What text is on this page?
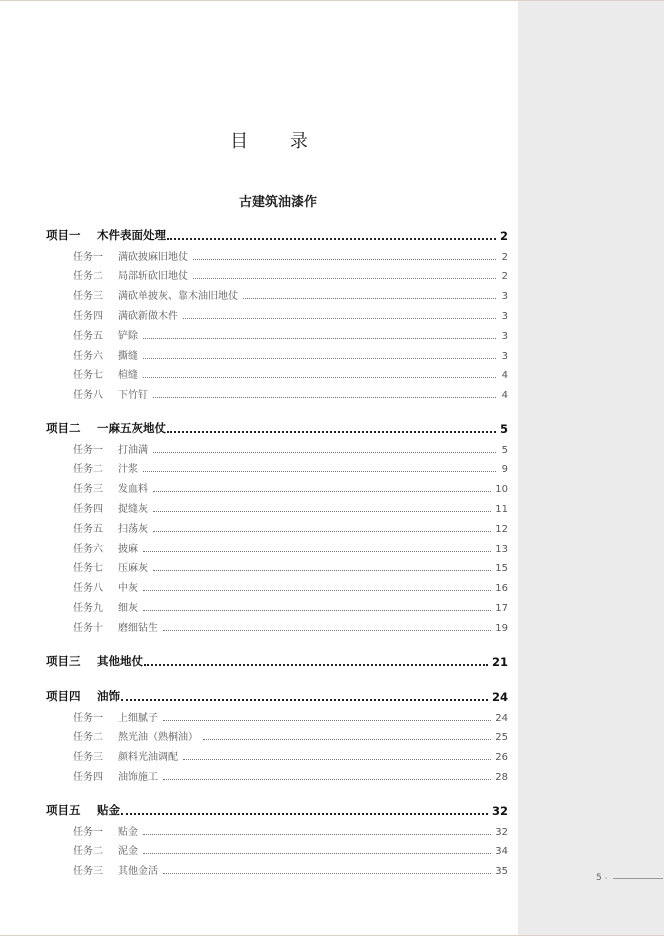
目 录
古建筑油漆作
项目一	木件表面处理	2
任务一	满砍披麻旧地仗	2
任务二	局部斩砍旧地仗	2
任务三	满砍单披灰、靠木油旧地仗	3
任务四	满砍新做木件	3
任务五	铲除	3
任务六	撕缝	3
任务七	楦缝	4
任务八	下竹钉	4
项目二	一麻五灰地仗	5
任务一	打油满	5
任务二	汁浆	9
任务三	发血料	10
任务四	捉缝灰	11
任务五	扫荡灰	12
任务六	披麻	13
任务七	压麻灰	15
任务八	中灰	16
任务九	细灰	17
任务十	磨细钻生	19
项目三	其他地仗	21
项目四	油饰	24
任务一	上细腻子	24
任务二	熬光油（熟桐油）	25
任务三	颜料光油调配	26
任务四	油饰施工	28
项目五	贴金	32
任务一	贴金	32
任务二	泥金	34
任务三	其他金活	35
5 ·
